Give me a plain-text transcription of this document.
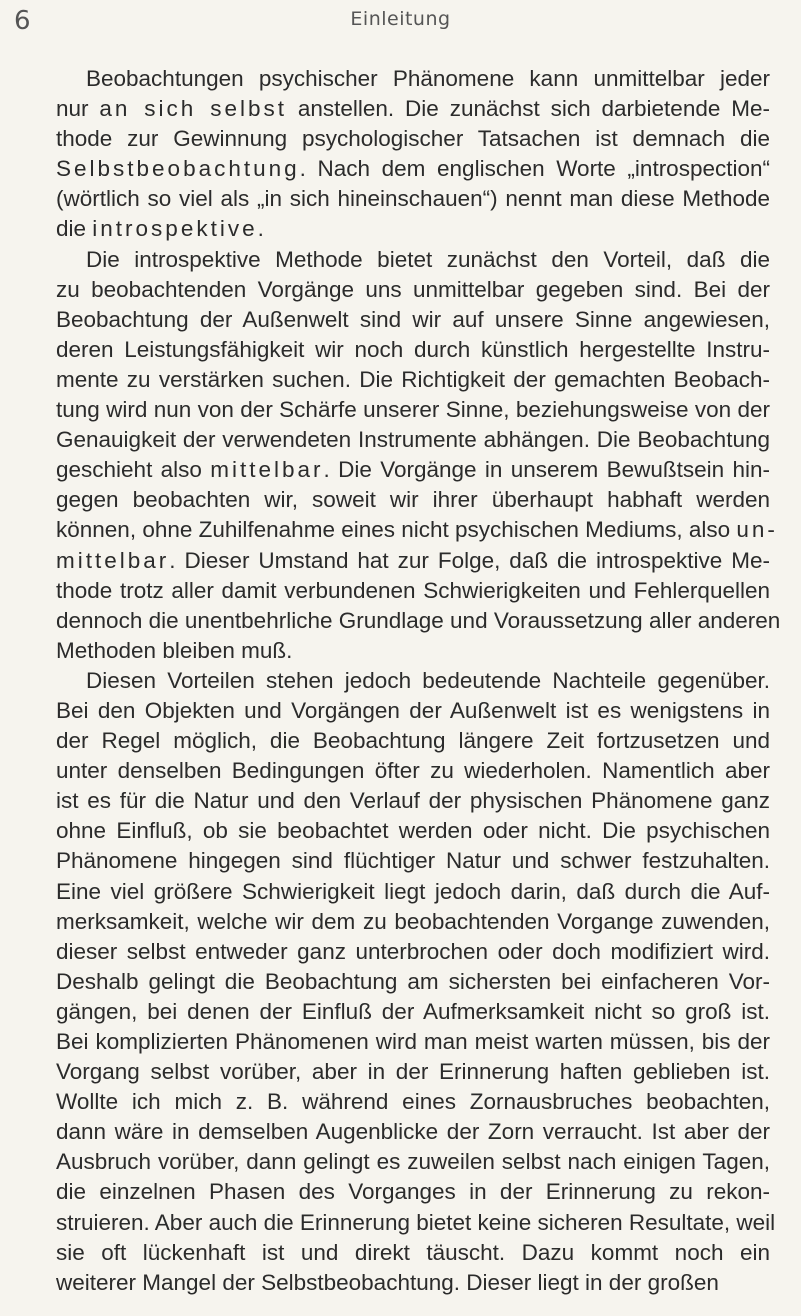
6	Einleitung
Beobachtungen psychischer Phänomene kann unmittelbar jeder
nur an sich selbst anstellen. Die zunächst sich darbietende Me-
thode zur Gewinnung psychologischer Tatsachen ist demnach die
Selbstbeobachtung. Nach dem englischen Worte „introspection“
(wörtlich so viel als „in sich hineinschauen“) nennt man diese Methode
die introspektive.
Die introspektive Methode bietet zunächst den Vorteil, daß die
zu beobachtenden Vorgänge uns unmittelbar gegeben sind. Bei der
Beobachtung der Außenwelt sind wir auf unsere Sinne angewiesen,
deren Leistungsfähigkeit wir noch durch künstlich hergestellte Instru-
mente zu verstärken suchen. Die Richtigkeit der gemachten Beobach-
tung wird nun von der Schärfe unserer Sinne, beziehungsweise von der
Genauigkeit der verwendeten Instrumente abhängen. Die Beobachtung
geschieht also mittelbar. Die Vorgänge in unserem Bewußtsein hin-
gegen beobachten wir, soweit wir ihrer überhaupt habhaft werden
können, ohne Zuhilfenahme eines nicht psychischen Mediums, also un-
mittelbar. Dieser Umstand hat zur Folge, daß die introspektive Me-
thode trotz aller damit verbundenen Schwierigkeiten und Fehlerquellen
dennoch die unentbehrliche Grundlage und Voraussetzung aller anderen
Methoden bleiben muß.
Diesen Vorteilen stehen jedoch bedeutende Nachteile gegenüber.
Bei den Objekten und Vorgängen der Außenwelt ist es wenigstens in
der Regel möglich, die Beobachtung längere Zeit fortzusetzen und
unter denselben Bedingungen öfter zu wiederholen. Namentlich aber
ist es für die Natur und den Verlauf der physischen Phänomene ganz
ohne Einfluß, ob sie beobachtet werden oder nicht. Die psychischen
Phänomene hingegen sind flüchtiger Natur und schwer festzuhalten.
Eine viel größere Schwierigkeit liegt jedoch darin, daß durch die Auf-
merksamkeit, welche wir dem zu beobachtenden Vorgange zuwenden,
dieser selbst entweder ganz unterbrochen oder doch modifiziert wird.
Deshalb gelingt die Beobachtung am sichersten bei einfacheren Vor-
gängen, bei denen der Einfluß der Aufmerksamkeit nicht so groß ist.
Bei komplizierten Phänomenen wird man meist warten müssen, bis der
Vorgang selbst vorüber, aber in der Erinnerung haften geblieben ist.
Wollte ich mich z. B. während eines Zornausbruches beobachten,
dann wäre in demselben Augenblicke der Zorn verraucht. Ist aber der
Ausbruch vorüber, dann gelingt es zuweilen selbst nach einigen Tagen,
die einzelnen Phasen des Vorganges in der Erinnerung zu rekon-
struieren. Aber auch die Erinnerung bietet keine sicheren Resultate, weil
sie oft lückenhaft ist und direkt täuscht. Dazu kommt noch ein
weiterer Mangel der Selbstbeobachtung. Dieser liegt in der großen
